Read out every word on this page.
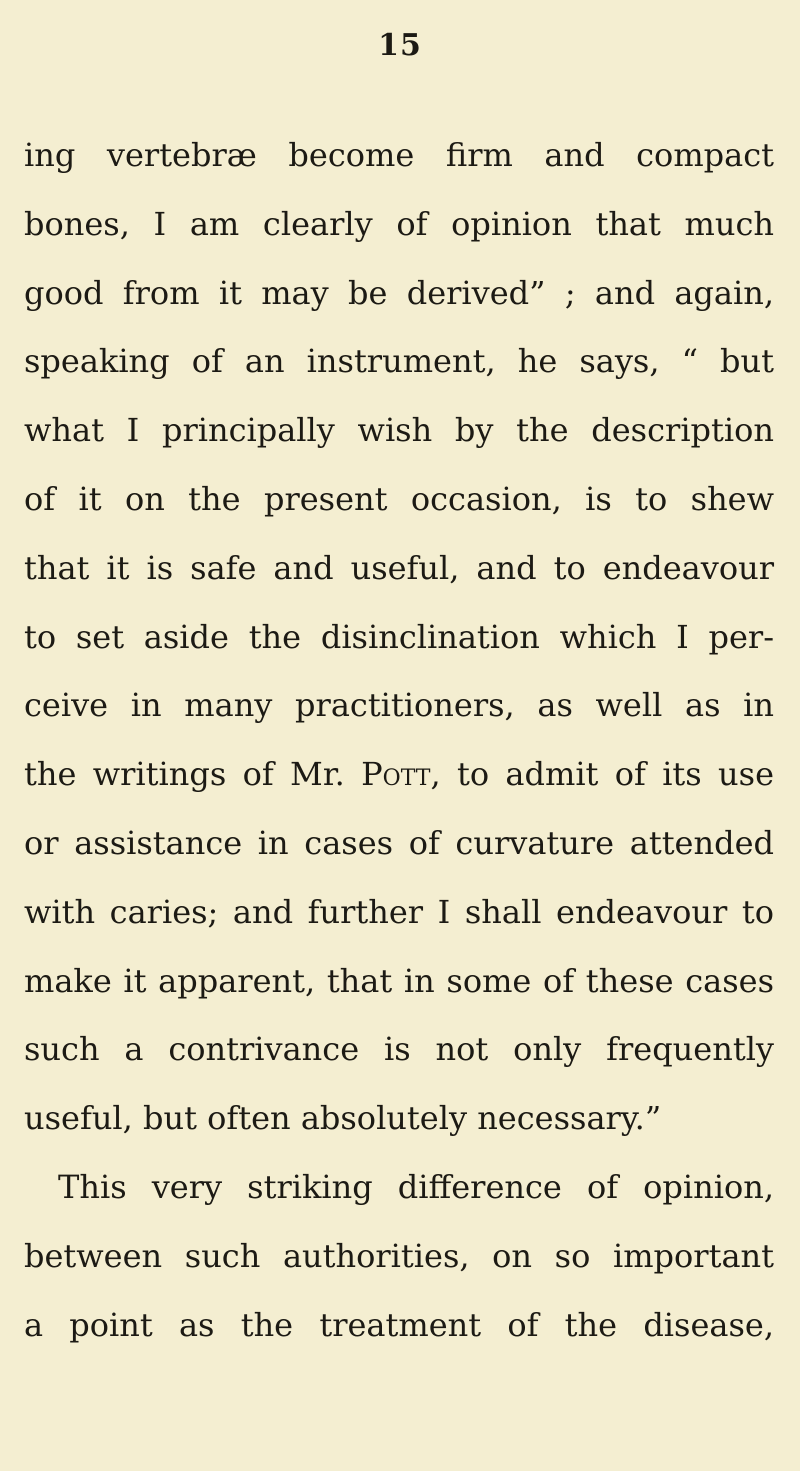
15
ing vertebræ become firm and compact
bones, I am clearly of opinion that much
good from it may be derived” ; and again,
speaking of an instrument, he says, “ but
what I principally wish by the description
of it on the present occasion, is to shew
that it is safe and useful, and to endeavour
to set aside the disinclination which I per-
ceive in many practitioners, as well as in
the writings of Mr. Pott, to admit of its use
or assistance in cases of curvature attended
with caries; and further I shall endeavour to
make it apparent, that in some of these cases
such a contrivance is not only frequently
useful, but often absolutely necessary.”
This very striking difference of opinion,
between such authorities, on so important
a point as the treatment of the disease,
